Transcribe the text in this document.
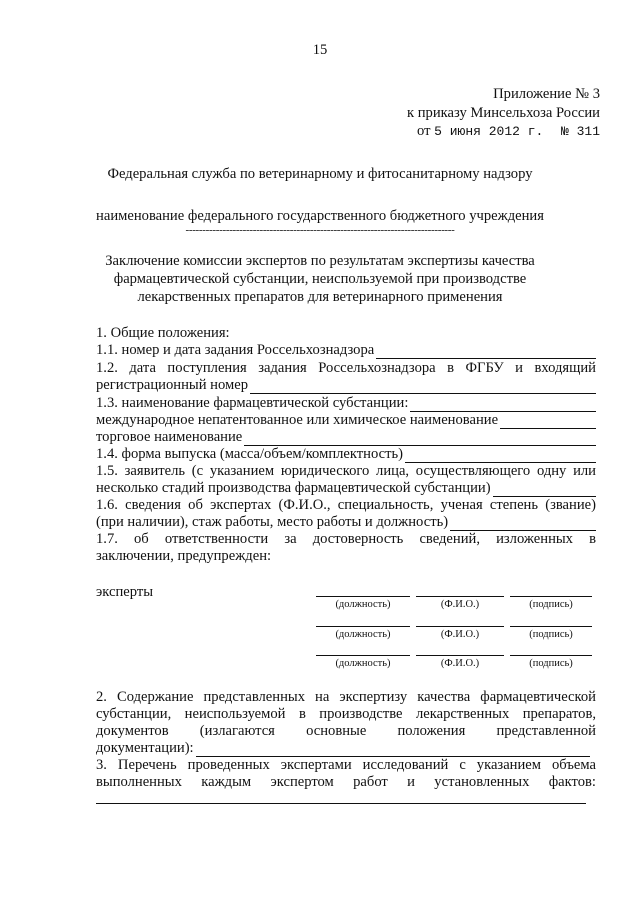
15
Приложение № 3
к приказу Минсельхоза России
от 5 июня 2012 г. № 311
Федеральная служба по ветеринарному и фитосанитарному надзору
наименование федерального государственного бюджетного учреждения
--------------------------------------------------------------------------------
Заключение комиссии экспертов по результатам экспертизы качества
фармацевтической субстанции, неиспользуемой при производстве
лекарственных препаратов для ветеринарного применения
1. Общие положения:
1.1. номер и дата задания Россельхознадзора
1.2. дата поступления задания Россельхознадзора в ФГБУ и входящий
регистрационный номер
1.3. наименование фармацевтической субстанции:
международное непатентованное или химическое наименование
торговое наименование
1.4. форма выпуска (масса/объем/комплектность)
1.5. заявитель (с указанием юридического лица, осуществляющего одну или
несколько стадий производства фармацевтической субстанции)
1.6. сведения об экспертах (Ф.И.О., специальность, ученая степень (звание)
(при наличии), стаж работы, место работы и должность)
1.7. об ответственности за достоверность сведений, изложенных в
заключении, предупрежден:
эксперты
(должность)	(Ф.И.О.)	(подпись)
(должность)	(Ф.И.О.)	(подпись)
(должность)	(Ф.И.О.)	(подпись)
2. Содержание представленных на экспертизу качества фармацевтической
субстанции, неиспользуемой в производстве лекарственных препаратов,
документов (излагаются основные положения представленной
документации):
3. Перечень проведенных экспертами исследований с указанием объема
выполненных каждым экспертом работ и установленных фактов:
